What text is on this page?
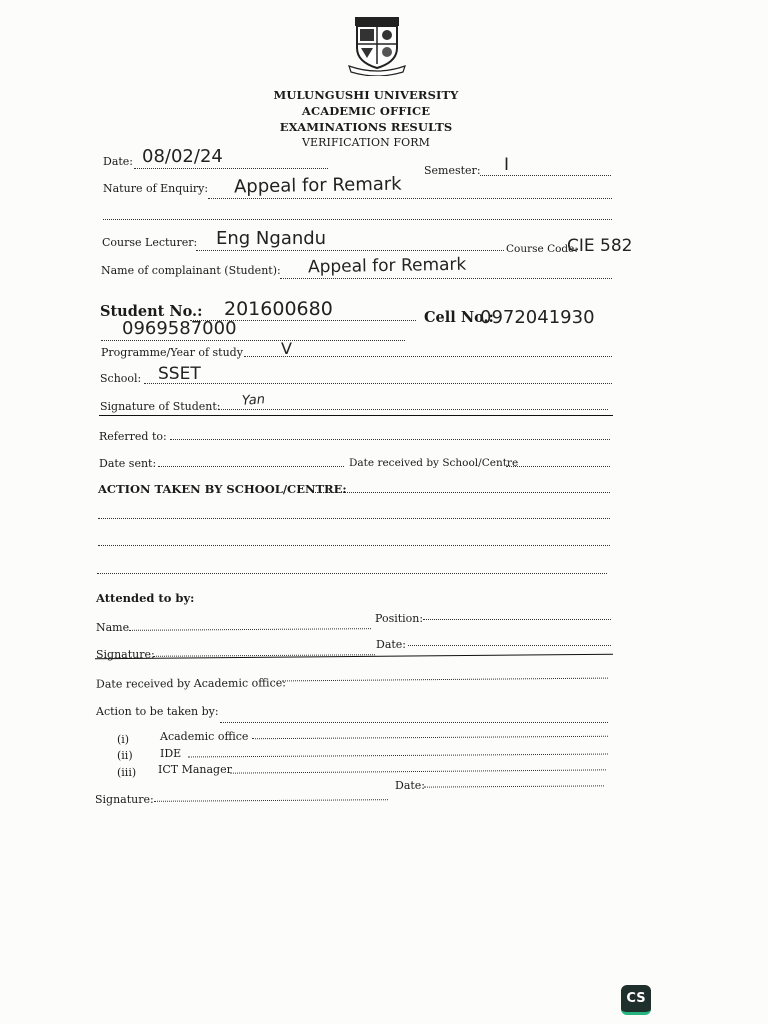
MULUNGUSHI UNIVERSITY
ACADEMIC OFFICE
EXAMINATIONS RESULTS
VERIFICATION FORM
Date: 08/02/24
Semester: I
Nature of Enquiry: Appeal for Remark
Course Lecturer: Eng Ngandu	Course Code:
CIE 582
Name of complainant (Student): Appeal for Remark
Student No.: 201600680	Cell No.:
0972041930
0969587000
Programme/Year of study V
School: SSET
Signature of Student: Yan
Referred to:
Date sent:	Date received by School/Centre
ACTION TAKEN BY SCHOOL/CENTRE:
Attended to by:
Name
Position:
Signature:
Date:
Date received by Academic office:
Action to be taken by:
(i)	Academic office
(ii) IDE
(iii) ICT Manager
Signature:
Date:
CS
